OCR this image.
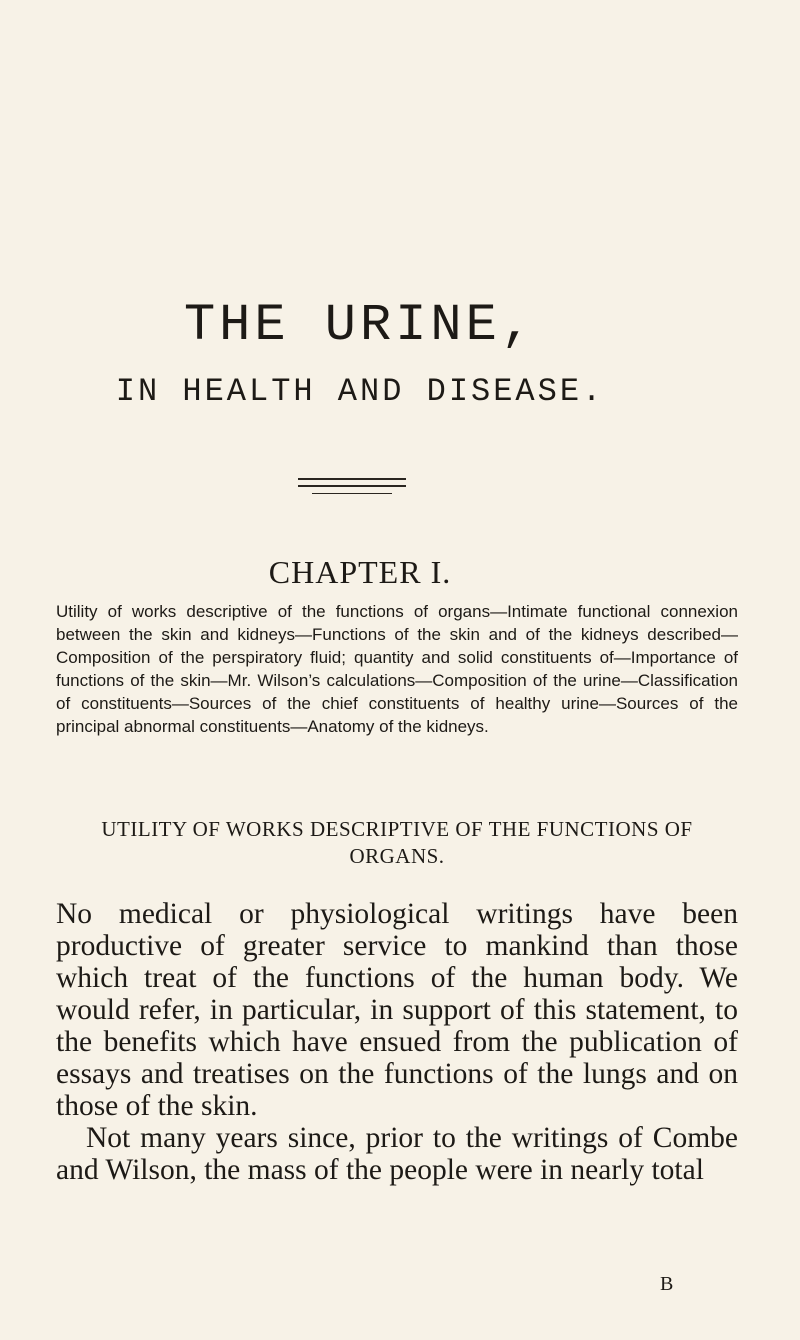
THE URINE,
IN HEALTH AND DISEASE.
CHAPTER I.
Utility of works descriptive of the functions of organs—Intimate functional connexion between the skin and kidneys—Functions of the skin and of the kidneys described—Composition of the perspiratory fluid; quantity and solid constituents of—Importance of functions of the skin—Mr. Wilson’s calculations—Composition of the urine—Classification of constituents—Sources of the chief constituents of healthy urine—Sources of the principal abnormal constituents—Anatomy of the kidneys.
UTILITY OF WORKS DESCRIPTIVE OF THE FUNCTIONS OF ORGANS.

No medical or physiological writings have been productive of greater service to mankind than those which treat of the functions of the human body. We would refer, in particular, in support of this statement, to the benefits which have ensued from the publication of essays and treatises on the functions of the lungs and on those of the skin.

Not many years since, prior to the writings of Combe and Wilson, the mass of the people were in nearly total

B
